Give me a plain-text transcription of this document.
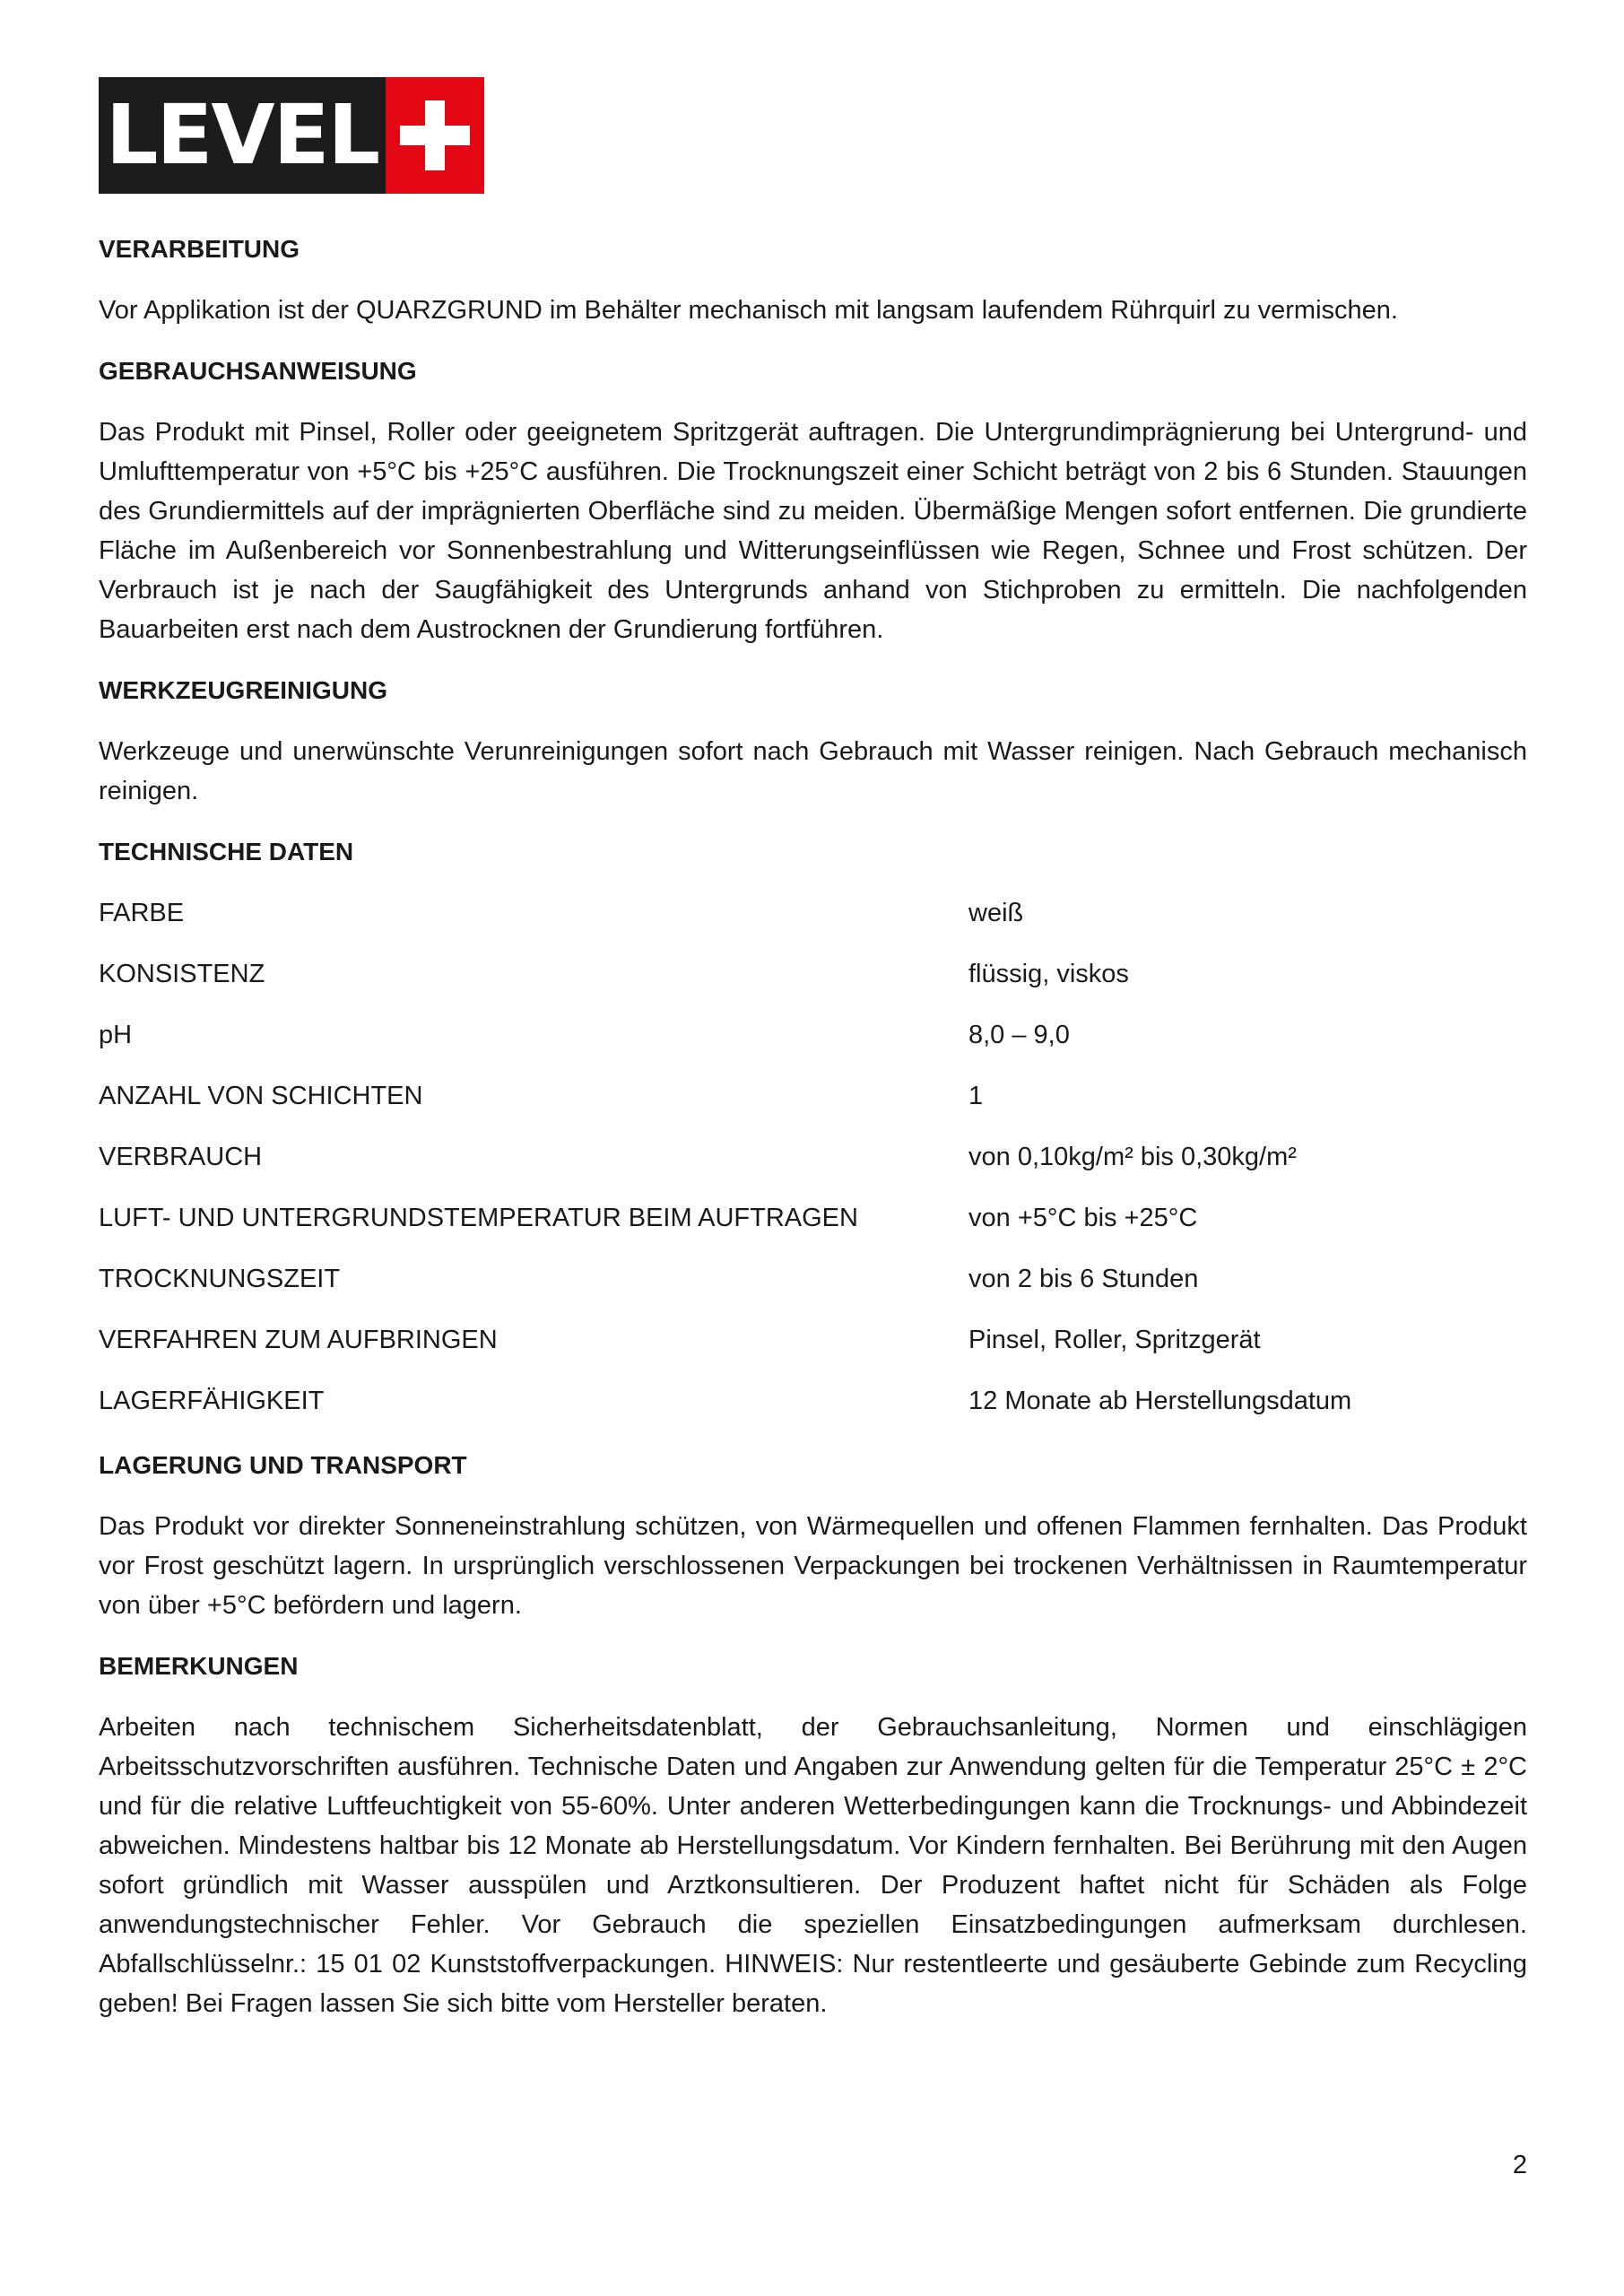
LEVEL
VERARBEITUNG

Vor Applikation ist der QUARZGRUND im Behälter mechanisch mit langsam laufendem Rührquirl zu vermischen.

GEBRAUCHSANWEISUNG

Das Produkt mit Pinsel, Roller oder geeignetem Spritzgerät auftragen. Die Untergrundimprägnierung bei Untergrund- und Umlufttemperatur von +5°C bis +25°C ausführen. Die Trocknungszeit einer Schicht beträgt von 2 bis 6 Stunden. Stauungen des Grundiermittels auf der imprägnierten Oberfläche sind zu meiden. Übermäßige Mengen sofort entfernen. Die grundierte Fläche im Außenbereich vor Sonnenbestrahlung und Witterungseinflüssen wie Regen, Schnee und Frost schützen. Der Verbrauch ist je nach der Saugfähigkeit des Untergrunds anhand von Stichproben zu ermitteln. Die nachfolgenden Bauarbeiten erst nach dem Austrocknen der Grundierung fortführen.

WERKZEUGREINIGUNG

Werkzeuge und unerwünschte Verunreinigungen sofort nach Gebrauch mit Wasser reinigen. Nach Gebrauch mechanisch reinigen.

TECHNISCHE DATEN
FARBE	weiß
KONSISTENZ	flüssig, viskos
pH	8,0 – 9,0
ANZAHL VON SCHICHTEN	1
VERBRAUCH	von 0,10kg/m² bis 0,30kg/m²
LUFT- UND UNTERGRUNDSTEMPERATUR BEIM AUFTRAGEN	von +5°C bis +25°C
TROCKNUNGSZEIT	von 2 bis 6 Stunden
VERFAHREN ZUM AUFBRINGEN	Pinsel, Roller, Spritzgerät
LAGERFÄHIGKEIT	12 Monate ab Herstellungsdatum
LAGERUNG UND TRANSPORT

Das Produkt vor direkter Sonneneinstrahlung schützen, von Wärmequellen und offenen Flammen fernhalten. Das Produkt vor Frost geschützt lagern. In ursprünglich verschlossenen Verpackungen bei trockenen Verhältnissen in Raumtemperatur von über +5°C befördern und lagern.

BEMERKUNGEN

Arbeiten nach technischem Sicherheitsdatenblatt, der Gebrauchsanleitung, Normen und einschlägigen Arbeitsschutzvorschriften ausführen. Technische Daten und Angaben zur Anwendung gelten für die Temperatur 25°C ± 2°C und für die relative Luftfeuchtigkeit von 55-60%. Unter anderen Wetterbedingungen kann die Trocknungs- und Abbindezeit abweichen. Mindestens haltbar bis 12 Monate ab Herstellungsdatum. Vor Kindern fernhalten. Bei Berührung mit den Augen sofort gründlich mit Wasser ausspülen und Arztkonsultieren. Der Produzent haftet nicht für Schäden als Folge anwendungstechnischer Fehler. Vor Gebrauch die speziellen Einsatzbedingungen aufmerksam durchlesen. Abfallschlüsselnr.: 15 01 02 Kunststoffverpackungen. HINWEIS: Nur restentleerte und gesäuberte Gebinde zum Recycling geben! Bei Fragen lassen Sie sich bitte vom Hersteller beraten.

2
